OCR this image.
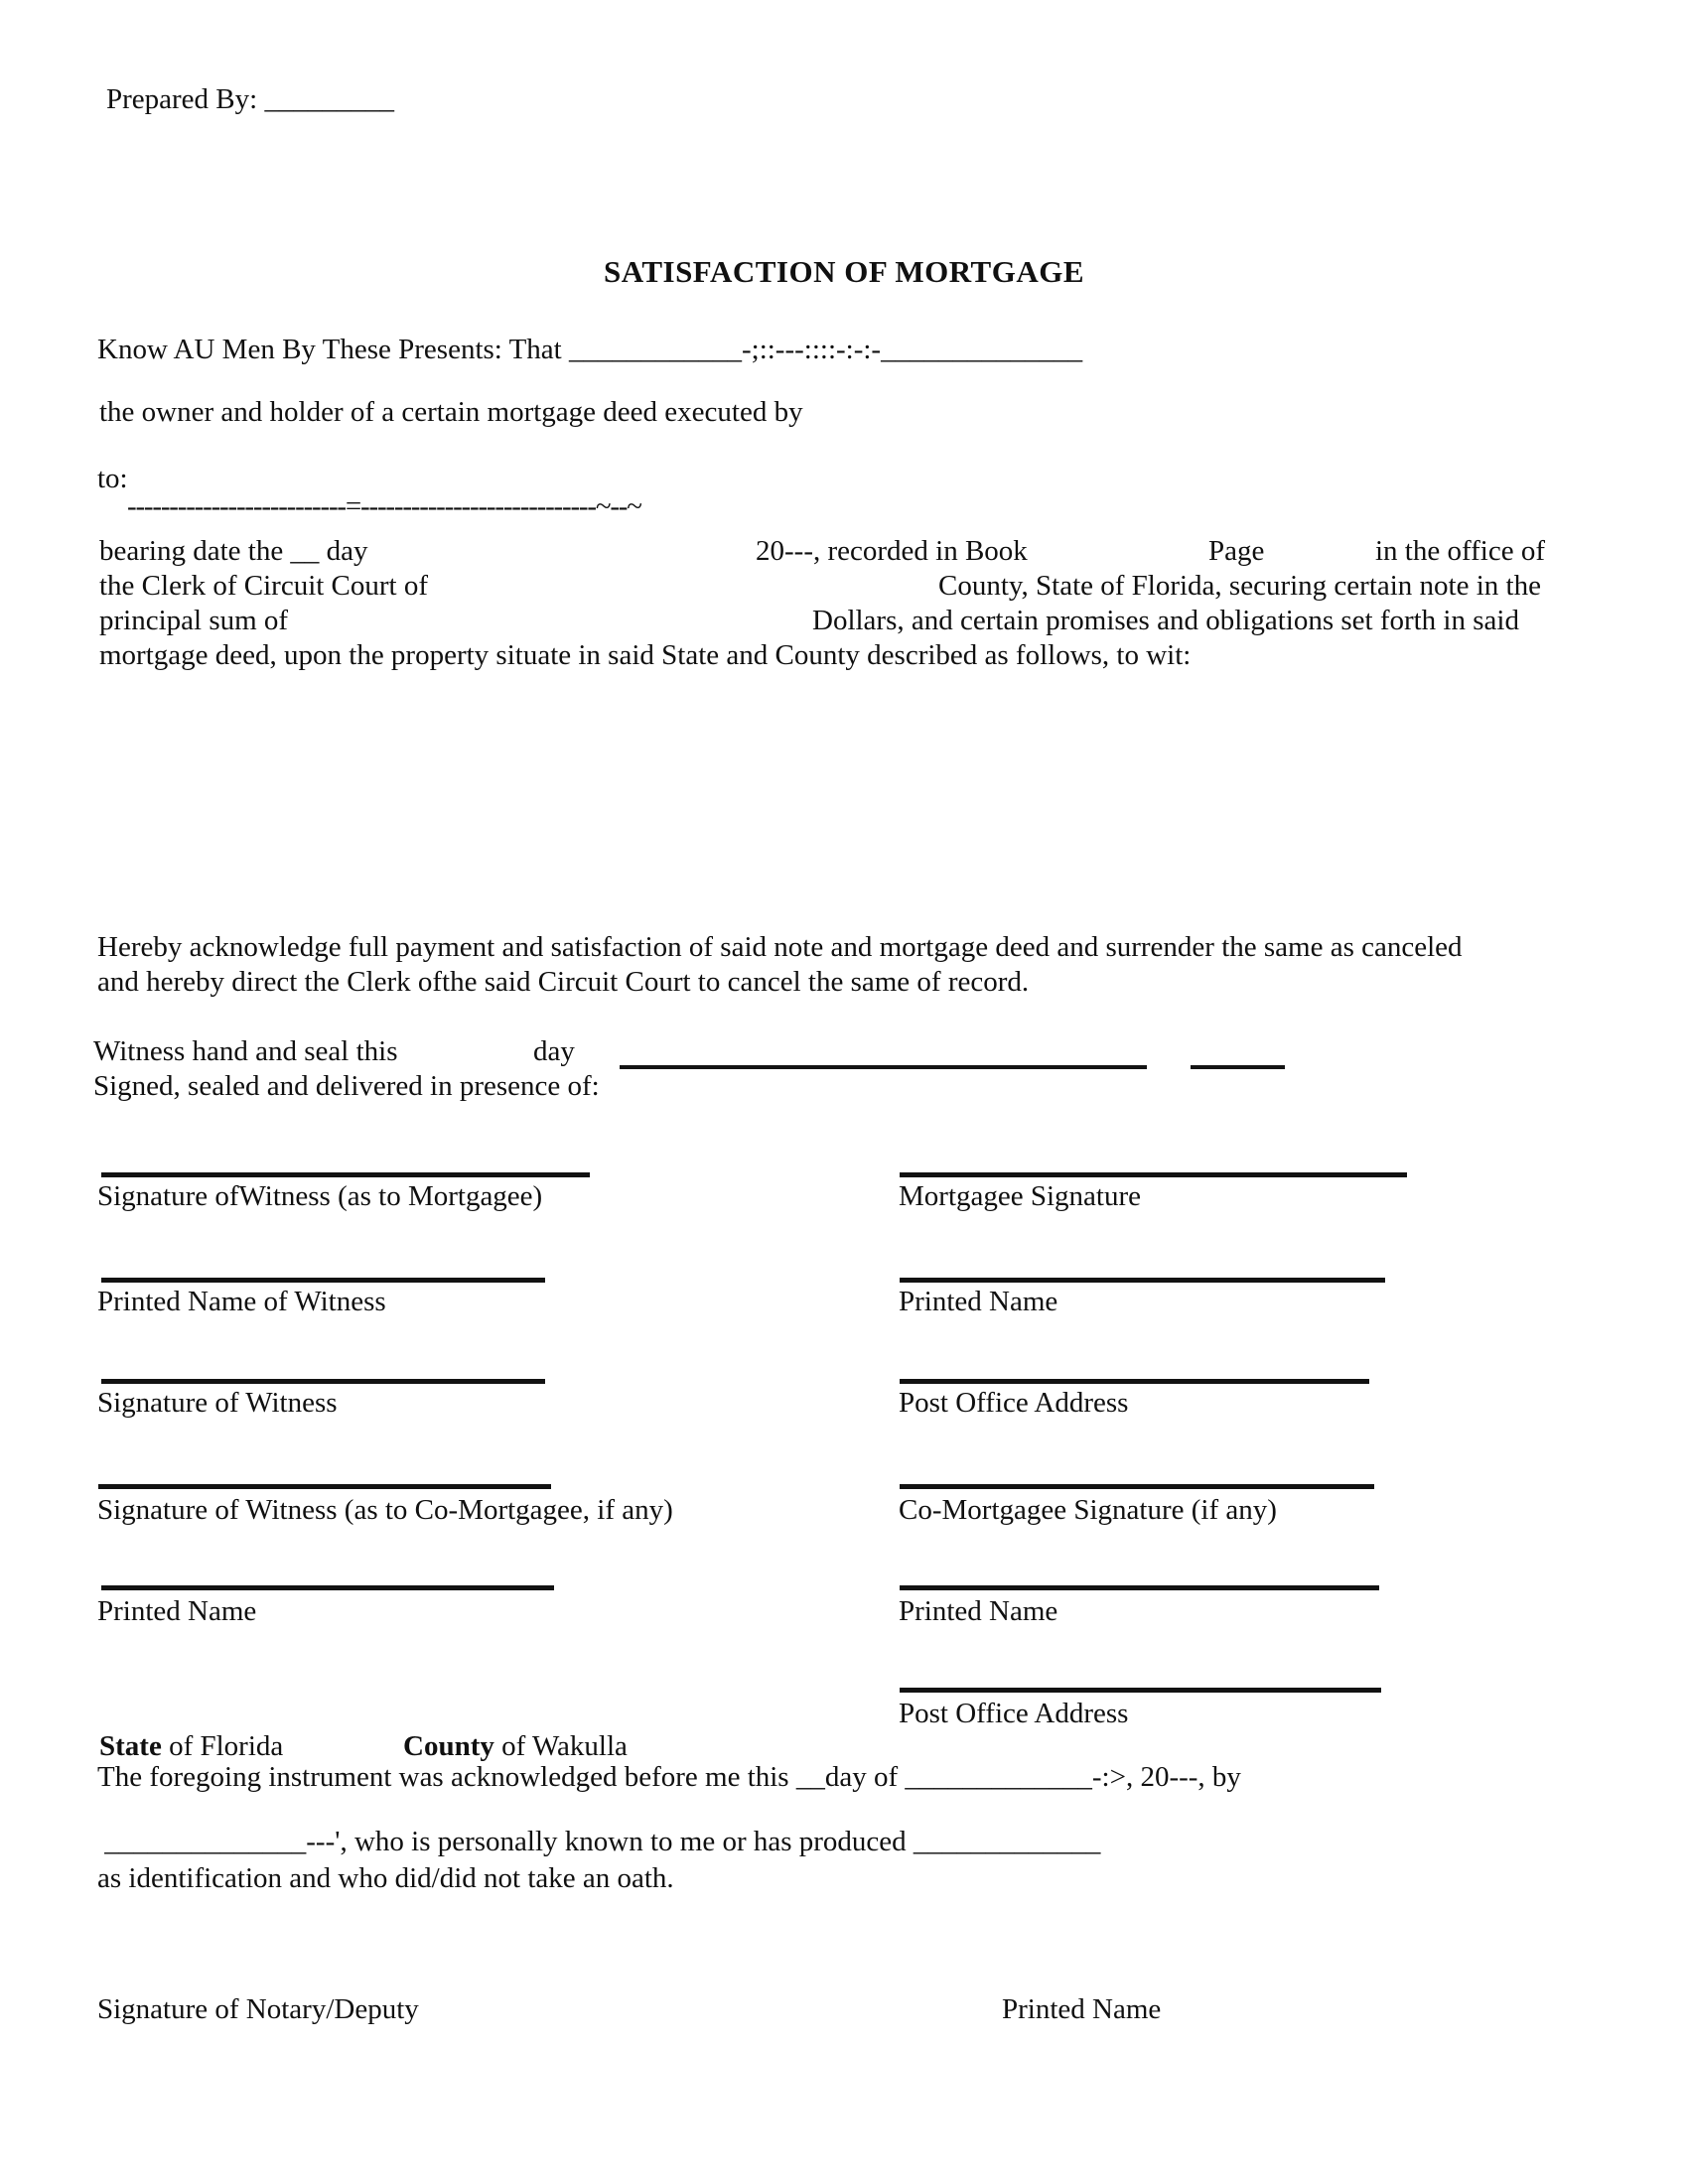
Prepared By: _________
SATISFACTION OF MORTGAGE
Know AU Men By These Presents: That ____________-;::---::::-:-:-______________
the owner and holder of a certain mortgage deed executed by
to:
--------------------------=----------------------------~--~
bearing date the __ day	20---, recorded in Book	Page	in the office of
the Clerk of Circuit Court of	County, State of Florida, securing certain note in the
principal sum of	Dollars, and certain promises and obligations set forth in said
mortgage deed, upon the property situate in said State and County described as follows, to wit:
Hereby acknowledge full payment and satisfaction of said note and mortgage deed and surrender the same as canceled
and hereby direct the Clerk ofthe said Circuit Court to cancel the same of record.
Witness hand and seal this	day
Signed, sealed and delivered in presence of:
Signature ofWitness (as to Mortgagee)	Mortgagee Signature
Printed Name of Witness	Printed Name
Signature of Witness	Post Office Address
Signature of Witness (as to Co-Mortgagee, if any)	Co-Mortgagee Signature (if any)
Printed Name	Printed Name
Post Office Address
State of Florida	County of Wakulla
The foregoing instrument was acknowledged before me this __day of _____________-:>, 20---, by
______________---', who is personally known to me or has produced _____________
as identification and who did/did not take an oath.
Signature of Notary/Deputy	Printed Name
